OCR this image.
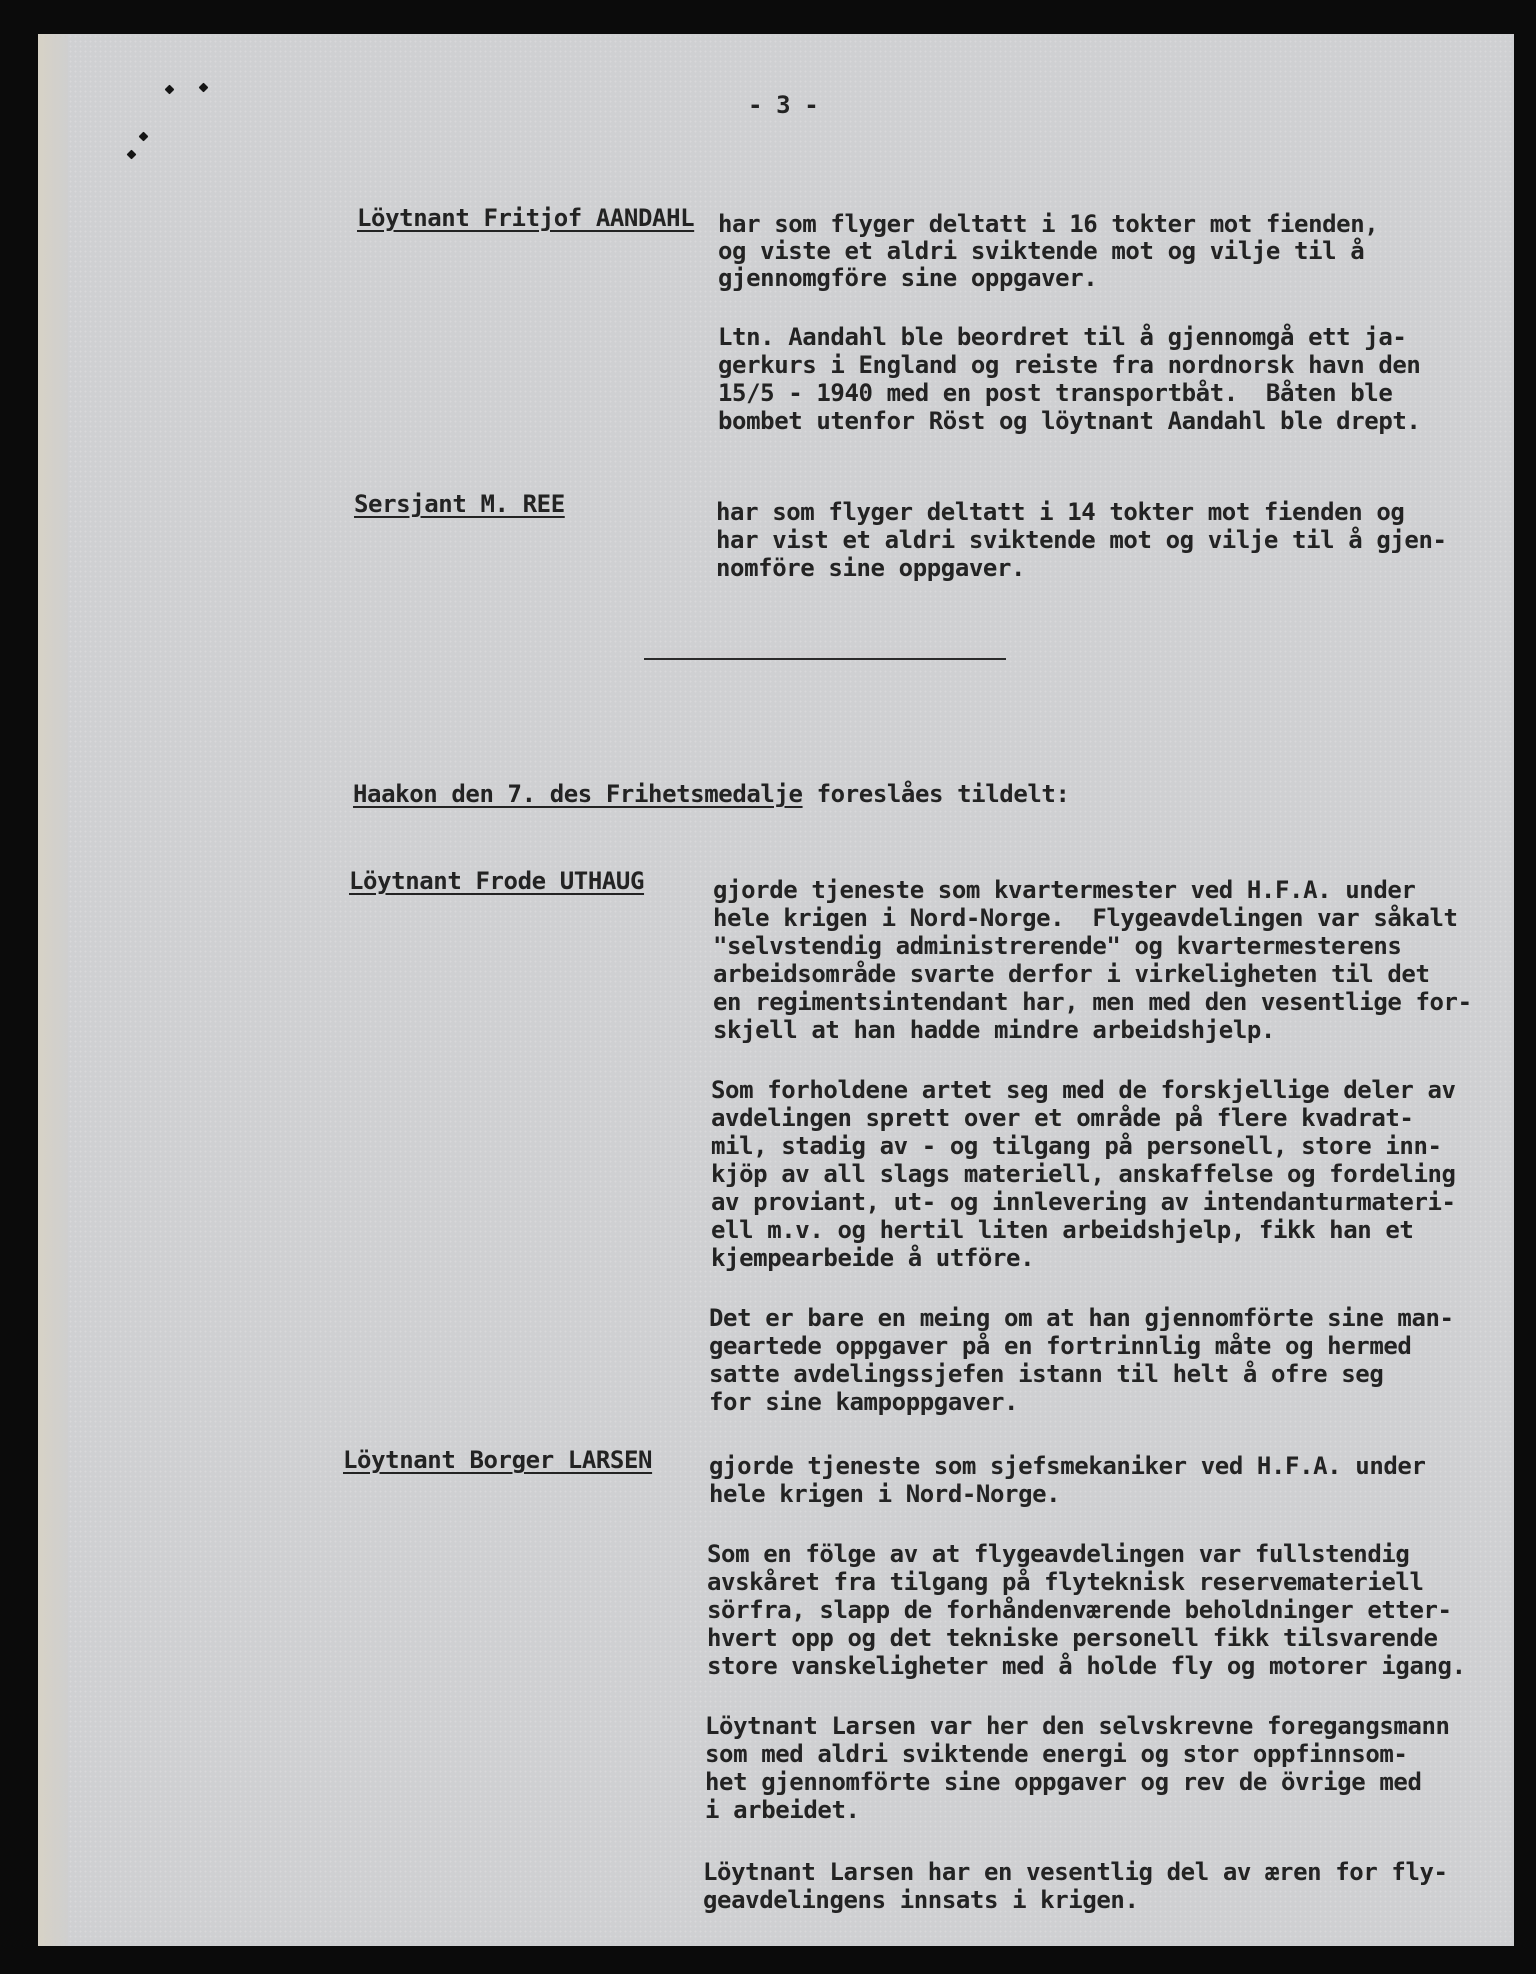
- 3 -
Löytnant Fritjof AANDAHL har som flyger deltatt i 16 tokter mot fienden,
og viste et aldri sviktende mot og vilje til å
gjennomgföre sine oppgaver.
Ltn. Aandahl ble beordret til å gjennomgå ett ja-
gerkurs i England og reiste fra nordnorsk havn den
15/5 - 1940 med en post transportbåt.  Båten ble
bombet utenfor Röst og löytnant Aandahl ble drept.
Sersjant M. REE	har som flyger deltatt i 14 tokter mot fienden og
har vist et aldri sviktende mot og vilje til å gjen-
nomföre sine oppgaver.
Haakon den 7. des Frihetsmedalje foreslåes tildelt:
Löytnant Frode UTHAUG	gjorde tjeneste som kvartermester ved H.F.A. under
hele krigen i Nord-Norge.  Flygeavdelingen var såkalt
"selvstendig administrerende" og kvartermesterens
arbeidsområde svarte derfor i virkeligheten til det
en regimentsintendant har, men med den vesentlige for-
skjell at han hadde mindre arbeidshjelp.
Som forholdene artet seg med de forskjellige deler av
avdelingen sprett over et område på flere kvadrat-
mil, stadig av - og tilgang på personell, store inn-
kjöp av all slags materiell, anskaffelse og fordeling
av proviant, ut- og innlevering av intendanturmateri-
ell m.v. og hertil liten arbeidshjelp, fikk han et
kjempearbeide å utföre.
Det er bare en meing om at han gjennomförte sine man-
geartede oppgaver på en fortrinnlig måte og hermed
satte avdelingssjefen istann til helt å ofre seg
for sine kampoppgaver.
Löytnant Borger LARSEN gjorde tjeneste som sjefsmekaniker ved H.F.A. under
hele krigen i Nord-Norge.
Som en fölge av at flygeavdelingen var fullstendig
avskåret fra tilgang på flyteknisk reservemateriell
sörfra, slapp de forhåndenværende beholdninger etter-
hvert opp og det tekniske personell fikk tilsvarende
store vanskeligheter med å holde fly og motorer igang.
Löytnant Larsen var her den selvskrevne foregangsmann
som med aldri sviktende energi og stor oppfinnsom-
het gjennomförte sine oppgaver og rev de övrige med
i arbeidet.
Löytnant Larsen har en vesentlig del av æren for fly-
geavdelingens innsats i krigen.
